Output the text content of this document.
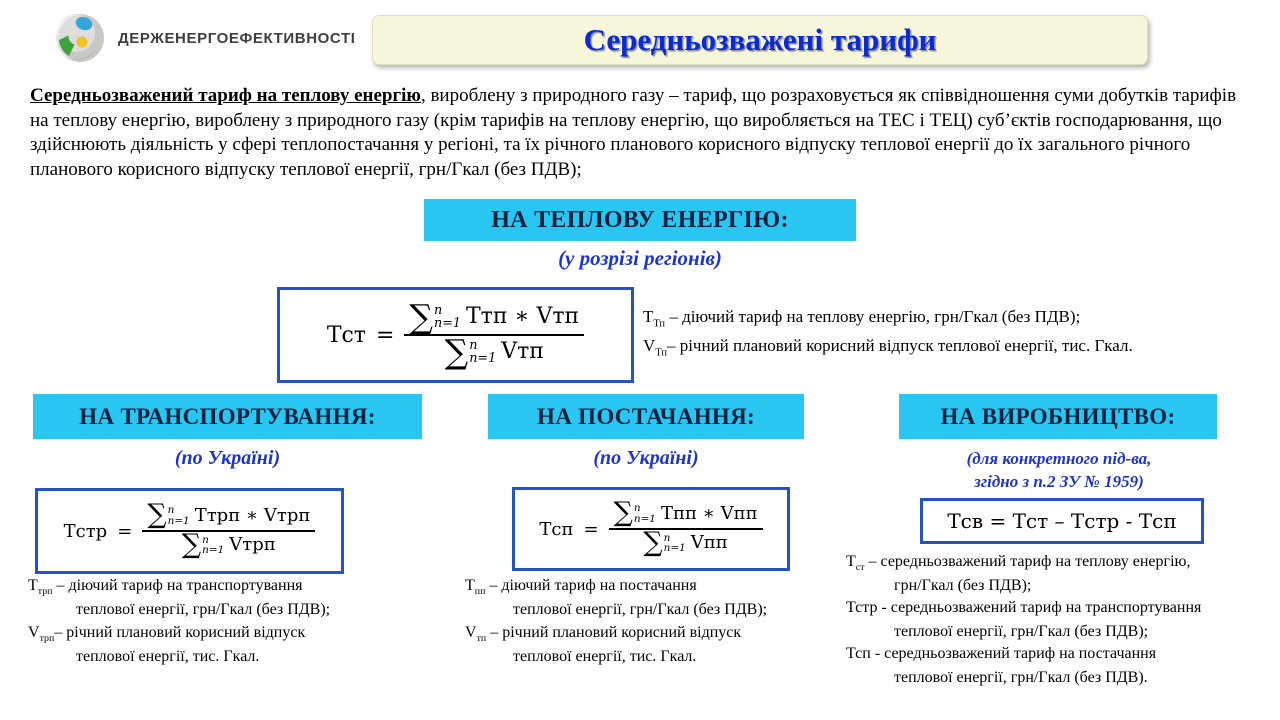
ДЕРЖЕНЕРГОЕФЕКТИВНОСТІ	Середньозважені тарифи
Середньозважений тариф на теплову енергію, вироблену з природного газу – тариф, що розраховується як співвідношення суми добутків тарифів на теплову енергію, вироблену з природного газу (крім тарифів на теплову енергію, що виробляється на ТЕС і ТЕЦ) суб’єктів господарювання, що здійснюють діяльність у сфері теплопостачання у регіоні, та їх річного планового корисного відпуску теплової енергії до їх загального річного планового корисного відпуску теплової енергії, грн/Гкал (без ПДВ);
НА ТЕПЛОВУ ЕНЕРГІЮ:
(у розрізі регіонів)
Тст = ∑ n
n=1 Ттп ∗ Vтп
∑ n
n=1 Vтп	$Т_{Тп}$ – діючий тариф на теплову енергію, грн/Гкал (без ПДВ);
$V_{Тп}-$ річний плановий корисний відпуск теплової енергії, тис. Гкал.
НА ТРАНСПОРТУВАННЯ:
(по Україні)
Тстр = ∑ n
n=1 Ттрп ∗ Vтрп
∑ n
n=1 Vтрп
$Т_{трп}$ – діючий тариф на транспортування
теплової енергії, грн/Гкал (без ПДВ);
$V_{трп}-$ річний плановий корисний відпуск
теплової енергії, тис. Гкал.
НА ПОСТАЧАННЯ:
(по Україні)
Тсп = ∑ n
n=1 Тпп ∗ Vпп
∑ n
n=1 Vпп
$Т_{пп}$ – діючий тариф на постачання
теплової енергії, грн/Гкал (без ПДВ);
$V_{тп}$ – річний плановий корисний відпуск
теплової енергії, тис. Гкал.
НА ВИРОБНИЦТВО:
(для конкретного під-ва,
згідно з п.2 ЗУ № 1959)
Тсв = Тст – Тстр - Тсп
$Т_{ст}$ – середньозважений тариф на теплову енергію,
грн/Гкал (без ПДВ);
Тстр - середньозважений тариф на транспортування
теплової енергії, грн/Гкал (без ПДВ);
Тсп - середньозважений тариф на постачання
теплової енергії, грн/Гкал (без ПДВ).
